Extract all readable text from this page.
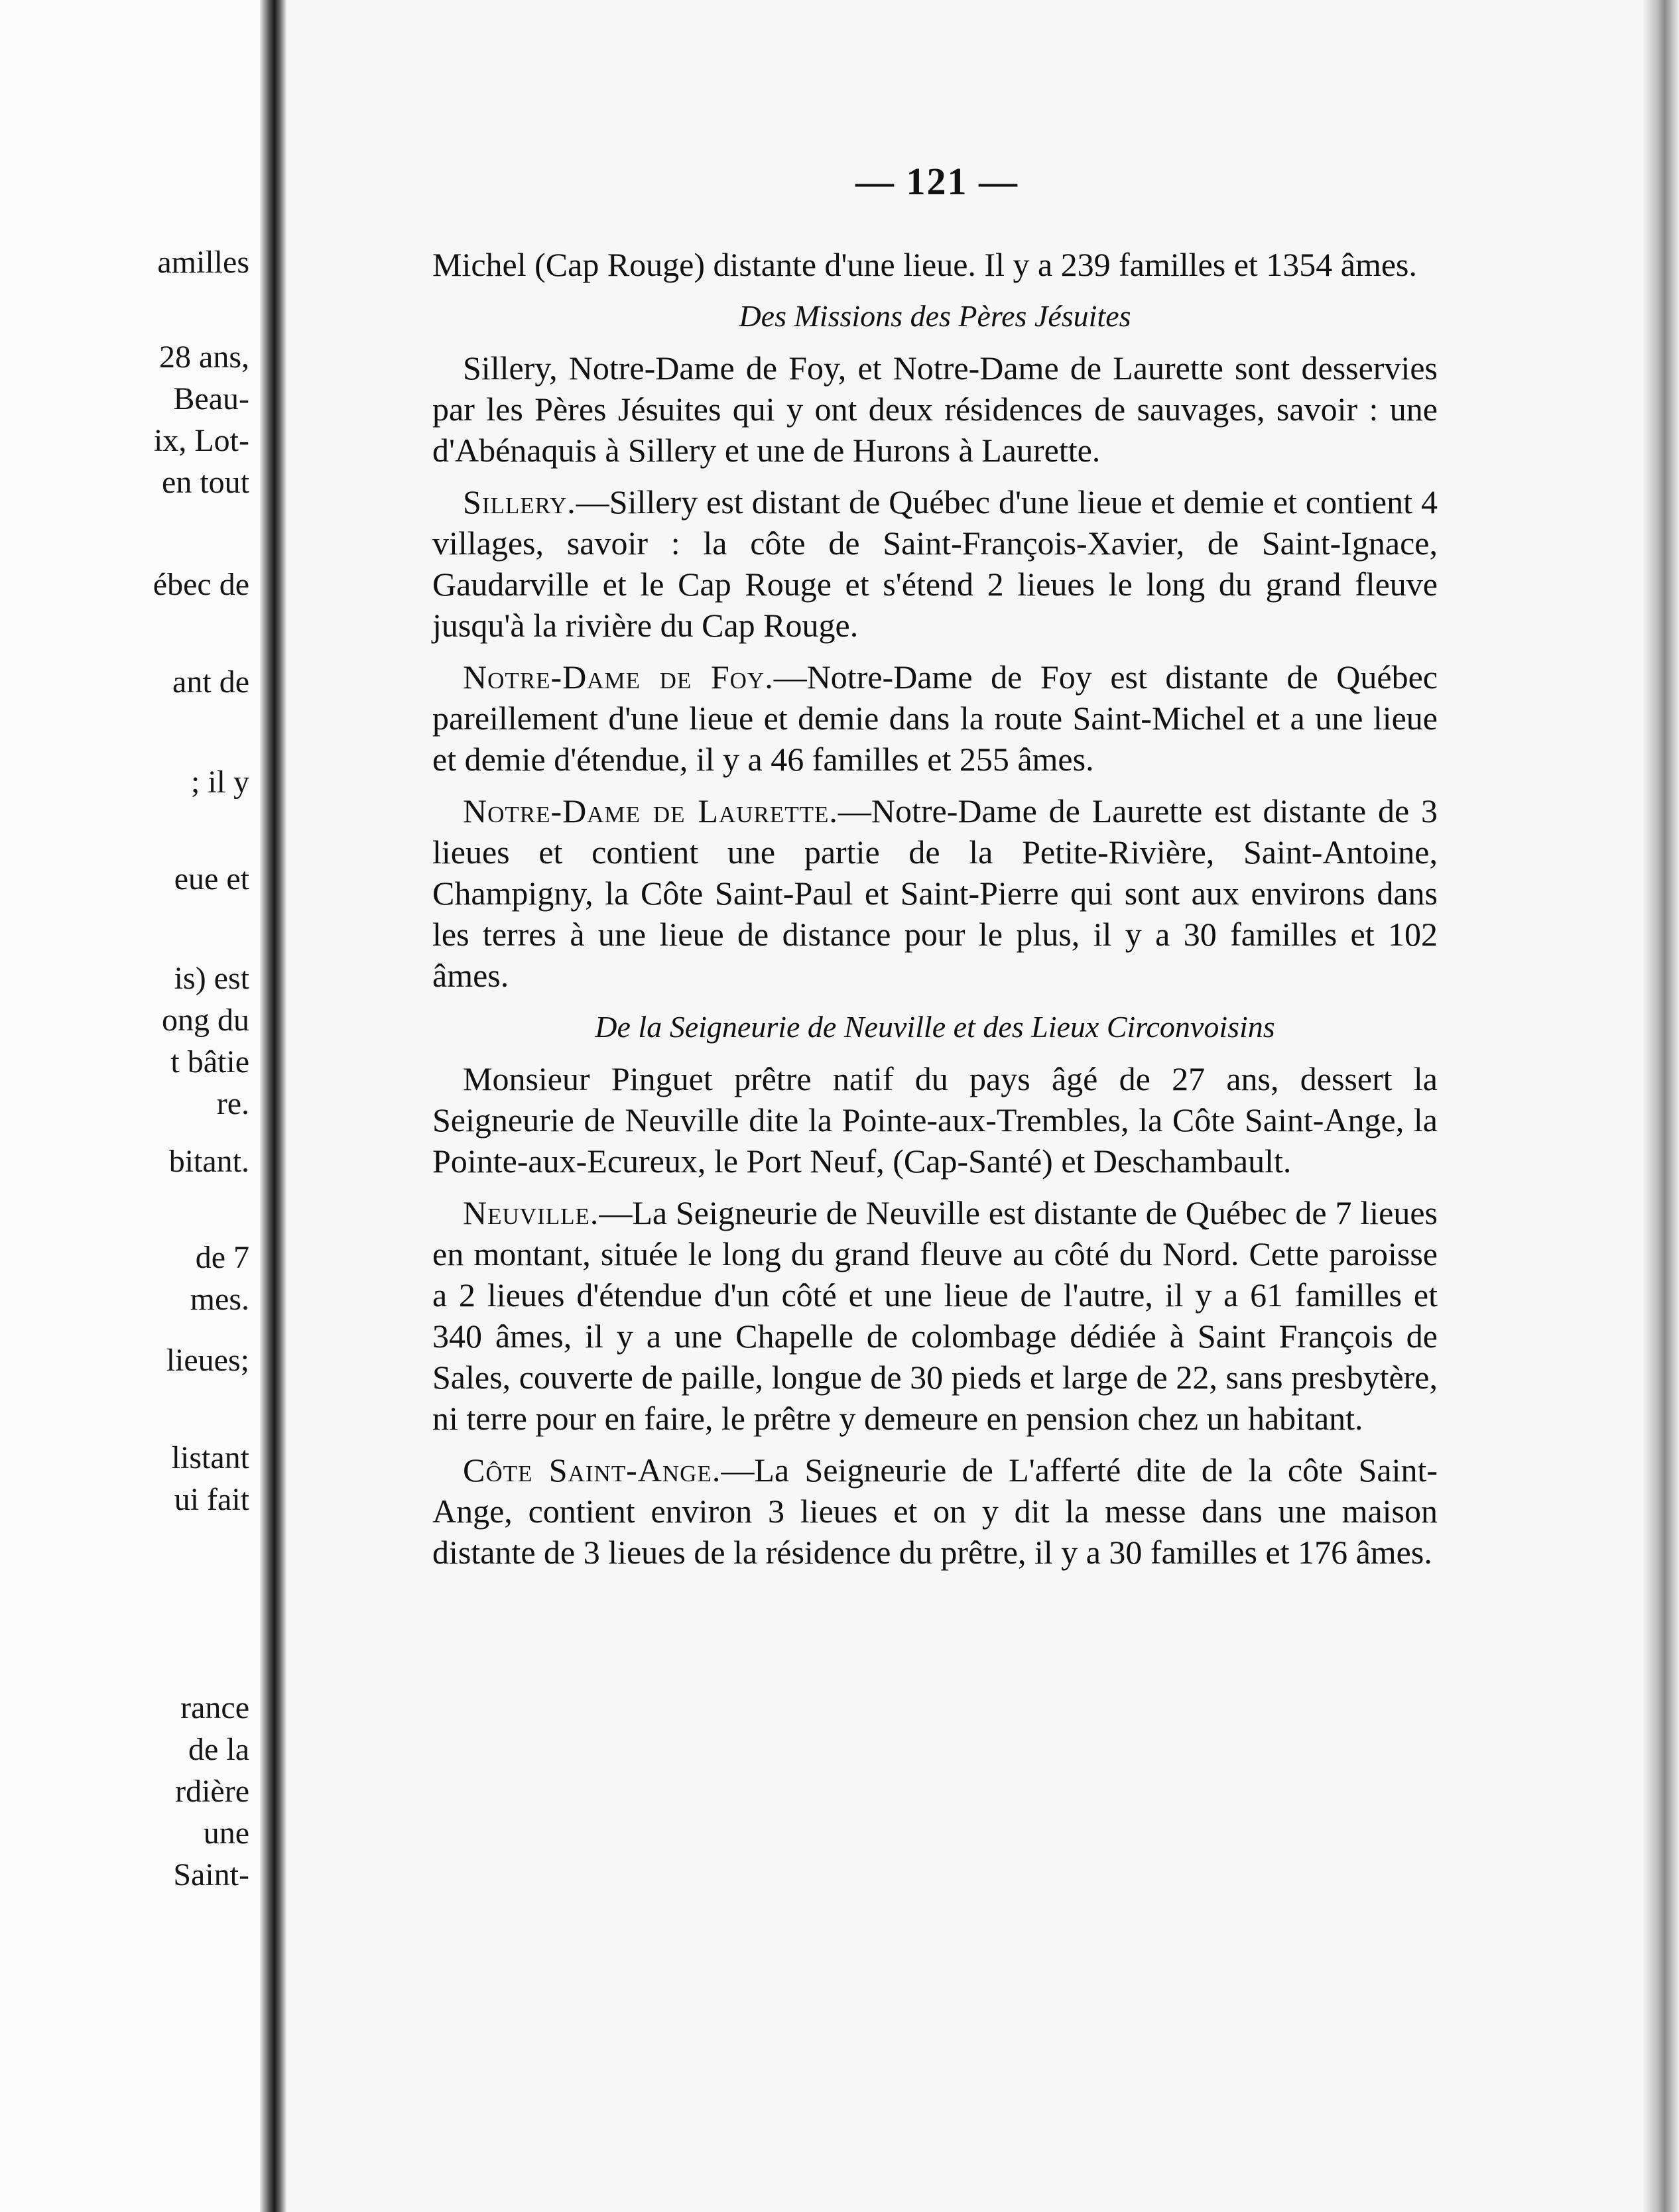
amilles
28 ans,
Beau-
ix, Lot-
en tout
ébec de
ant de
; il y
eue et
is) est
ong du
t bâtie
re.
bitant.
de 7
mes.
lieues;
listant
ui fait
rance
de la
rdière
une
Saint-
— 121 —

Michel (Cap Rouge) distante d'une lieue. Il y a 239 familles et 1354 âmes.

Des Missions des Pères Jésuites

Sillery, Notre-Dame de Foy, et Notre-Dame de Laurette sont desservies par les Pères Jésuites qui y ont deux résidences de sauvages, savoir : une d'Abénaquis à Sillery et une de Hurons à Laurette.

Sillery.—Sillery est distant de Québec d'une lieue et demie et contient 4 villages, savoir : la côte de Saint-François-Xavier, de Saint-Ignace, Gaudarville et le Cap Rouge et s'étend 2 lieues le long du grand fleuve jusqu'à la rivière du Cap Rouge.

Notre-Dame de Foy.—Notre-Dame de Foy est distante de Québec pareillement d'une lieue et demie dans la route Saint-Michel et a une lieue et demie d'étendue, il y a 46 familles et 255 âmes.

Notre-Dame de Laurette.—Notre-Dame de Laurette est distante de 3 lieues et contient une partie de la Petite-Rivière, Saint-Antoine, Champigny, la Côte Saint-Paul et Saint-Pierre qui sont aux environs dans les terres à une lieue de distance pour le plus, il y a 30 familles et 102 âmes.

De la Seigneurie de Neuville et des Lieux Circonvoisins

Monsieur Pinguet prêtre natif du pays âgé de 27 ans, dessert la Seigneurie de Neuville dite la Pointe-aux-Trembles, la Côte Saint-Ange, la Pointe-aux-Ecureux, le Port Neuf, (Cap-Santé) et Deschambault.

Neuville.—La Seigneurie de Neuville est distante de Québec de 7 lieues en montant, située le long du grand fleuve au côté du Nord. Cette paroisse a 2 lieues d'étendue d'un côté et une lieue de l'autre, il y a 61 familles et 340 âmes, il y a une Chapelle de colombage dédiée à Saint François de Sales, couverte de paille, longue de 30 pieds et large de 22, sans presbytère, ni terre pour en faire, le prêtre y demeure en pension chez un habitant.

Côte Saint-Ange.—La Seigneurie de L'afferté dite de la côte Saint-Ange, contient environ 3 lieues et on y dit la messe dans une maison distante de 3 lieues de la résidence du prêtre, il y a 30 familles et 176 âmes.
